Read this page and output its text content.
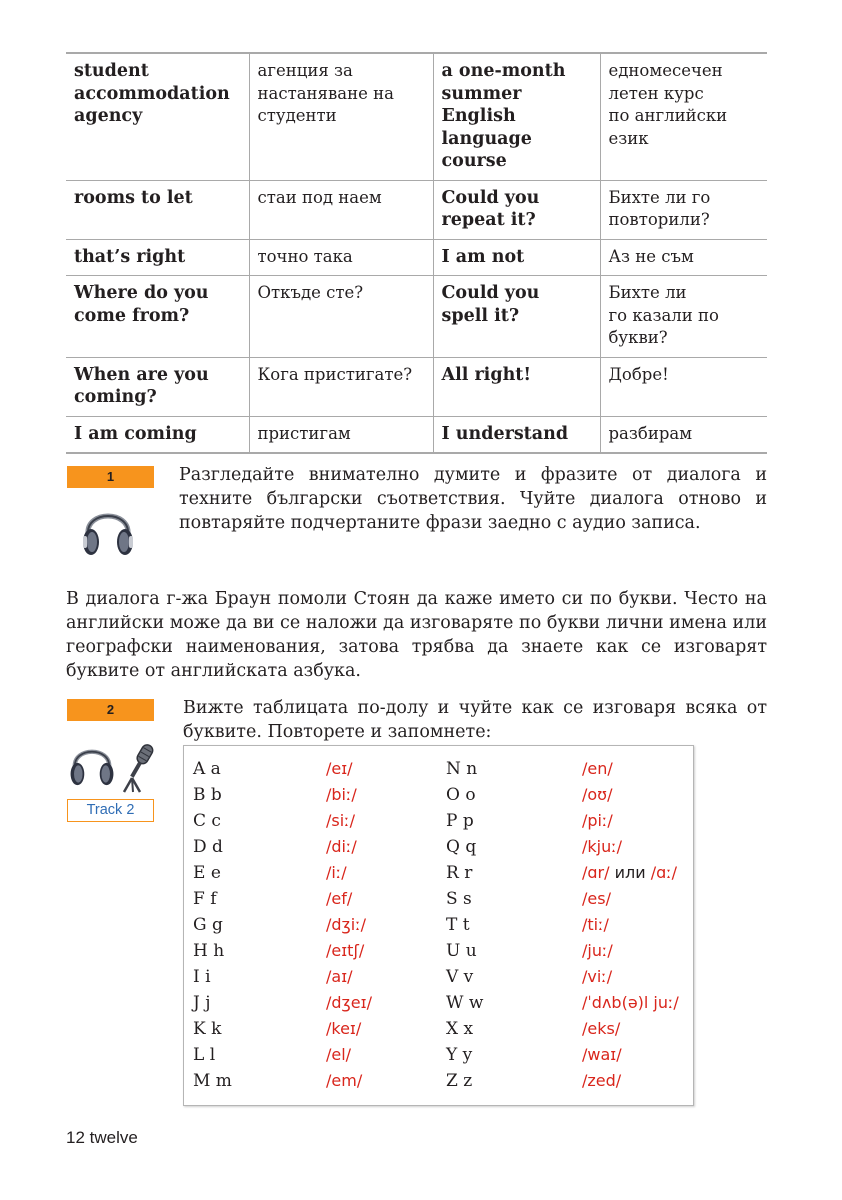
student
accommodation
agency	агенция за
настаняване на
студенти	a one-month
summer
English
language
course	едномесечен
летен курс
по английски
език

rooms to let	стаи под наем	Could you
repeat it?	Бихте ли го
повторили?

that’s right	точно така	I am not	Аз не съм

Where do you
come from?	Откъде сте?	Could you
spell it?	Бихте ли
го казали по
букви?

When are you
coming?	Кога пристигате?	All right!	Добре!

I am coming	пристигам	I understand	разбирам
1	Разгледайте внимателно думите и фразите от диалога и техните български съответствия. Чуйте диалога отново и повтаряйте подчертаните фрази заедно с аудио записа.

В диалога г-жа Браун помоли Стоян да каже името си по букви. Често на английски може да ви се наложи да изговаряте по букви лични имена или географски наименования, затова трябва да знаете как се изговарят буквите от английската азбука.

2
Track 2

Вижте таблицата по-долу и чуйте как се изговаря всяка от буквите. Повторете и запомнете:

A a	/eɪ/	N n	/en/
B b	/biː/	O o	/oʊ/
C c	/siː/	P p	/piː/
D d	/diː/	Q q	/kjuː/
E e	/iː/	R r	/ɑr/ или /ɑː/
F f	/ef/	S s	/es/
G g	/dʒiː/	T t	/tiː/
H h	/eɪtʃ/	U u	/juː/
I i	/aɪ/	V v	/viː/
J j	/dʒeɪ/	W w	/ˈdʌb(ə)l juː/
K k	/keɪ/	X x	/eks/
L l	/el/	Y y	/waɪ/
M m	/em/	Z z	/zed/
12 twelve
